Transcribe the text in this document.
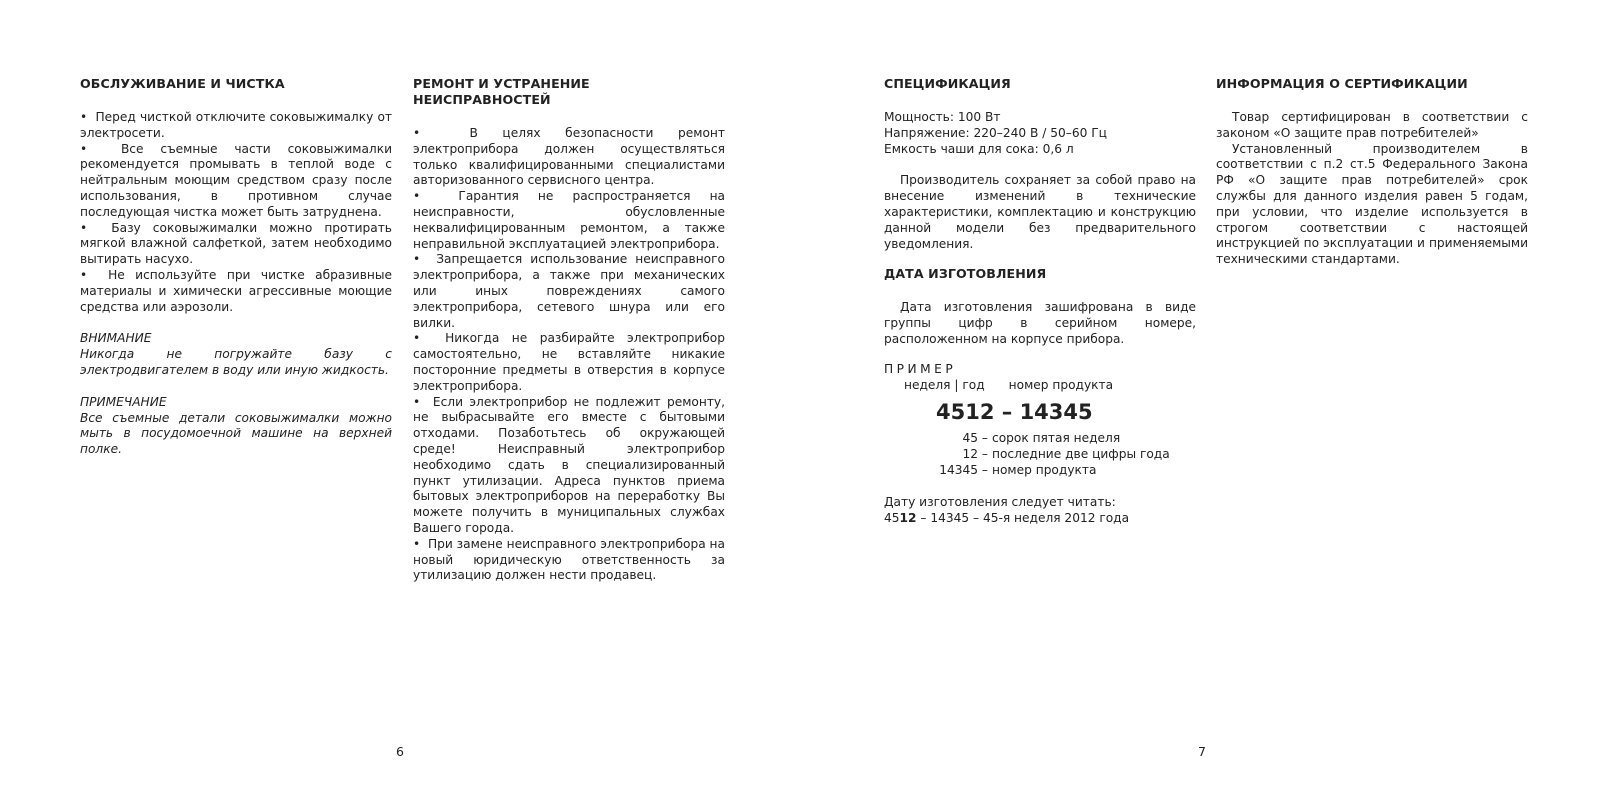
ОБСЛУЖИВАНИЕ И ЧИСТКА

•  Перед чисткой отключите соковыжималку от электросети.

•  Все съемные части соковыжималки рекомендуется промывать в теплой воде с нейтральным моющим средством сразу после использования, в противном случае последующая чистка может быть затруднена.

•  Базу соковыжималки можно протирать мягкой влажной салфеткой, затем необходимо вытирать насухо.

•  Не используйте при чистке абразивные материалы и химически агрессивные моющие средства или аэрозоли.

ВНИМАНИЕ

Никогда не погружайте базу с электродвигателем в воду или иную жидкость.

ПРИМЕЧАНИЕ

Все съемные детали соковыжималки можно мыть в посудомоечной машине на верхней полке.

РЕМОНТ И УСТРАНЕНИЕ НЕИСПРАВНОСТЕЙ

•  В целях безопасности ремонт электроприбора должен осуществляться только квалифицированными специалистами авторизованного сервисного центра.

•  Гарантия не распространяется на неисправности, обусловленные неквалифицированным ремонтом, а также неправильной эксплуатацией электроприбора.

•  Запрещается использование неисправного электроприбора, а также при механических или иных повреждениях самого электроприбора, сетевого шнура или его вилки.

•  Никогда не разбирайте электроприбор самостоятельно, не вставляйте никакие посторонние предметы в отверстия в корпусе электроприбора.

•  Если электроприбор не подлежит ремонту, не выбрасывайте его вместе с бытовыми отходами. Позаботьтесь об окружающей среде! Неисправный электроприбор необходимо сдать в специализированный пункт утилизации. Адреса пунктов приема бытовых электроприборов на переработку Вы можете получить в муниципальных службах Вашего города.

•  При замене неисправного электроприбора на новый юридическую ответственность за утилизацию должен нести продавец.

СПЕЦИФИКАЦИЯ

Мощность: 100 Вт

Напряжение: 220–240 В / 50–60 Гц

Емкость чаши для сока: 0,6 л

Производитель сохраняет за собой право на внесение изменений в технические характеристики, комплектацию и конструкцию данной модели без предварительного уведомления.

ДАТА ИЗГОТОВЛЕНИЯ

Дата изготовления зашифрована в виде группы цифр в серийном номере, расположенном на корпусе прибора.

ПРИМЕР
неделя | год номер продукта
4512 – 14345
45 – сорок пятая неделя
12 – последние две цифры года
14345 – номер продукта

Дату изготовления следует читать:

4512 – 14345 – 45-я неделя 2012 года

ИНФОРМАЦИЯ О СЕРТИФИКАЦИИ

Товар сертифицирован в соответствии с законом «О защите прав потребителей»

Установленный производителем в соответствии с п.2 ст.5 Федерального Закона РФ «О защите прав потребителей» срок службы для данного изделия равен 5 годам, при условии, что изделие используется в строгом соответствии с настоящей инструкцией по эксплуатации и применяемыми техническими стандартами.

6	7
